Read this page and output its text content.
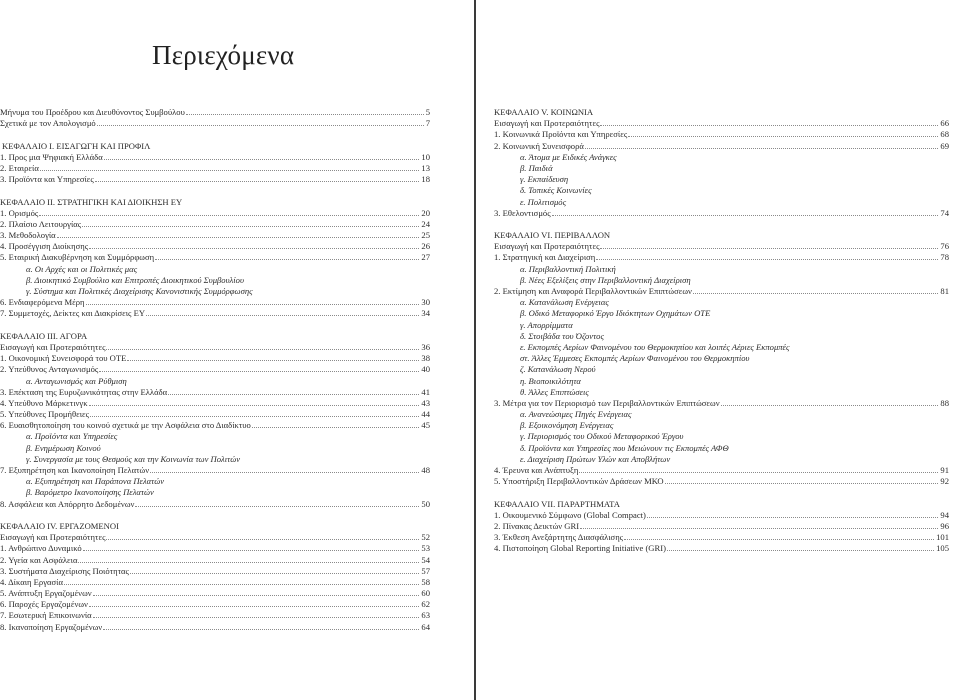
Περιεχόμενα
Μήνυμα του Προέδρου και Διευθύνοντος Συμβούλου	5
Σχετικά με τον Απολογισμό	7
ΚΕΦΑΛΑΙΟ Ι. ΕΙΣΑΓΩΓΗ ΚΑΙ ΠΡΟΦΙΛ
1. Προς μια Ψηφιακή Ελλάδα	10
2. Εταιρεία	13
3. Προϊόντα και Υπηρεσίες	18
ΚΕΦΑΛΑΙΟ ΙΙ. ΣΤΡΑΤΗΓΙΚΗ ΚΑΙ ΔΙΟΙΚΗΣΗ ΕΥ
1. Ορισμός	20
2. Πλαίσιο Λειτουργίας	24
3. Μεθοδολογία	25
4. Προσέγγιση Διοίκησης	26
5. Εταιρική Διακυβέρνηση και Συμμόρφωση	27
α. Οι Αρχές και οι Πολιτικές μας
β. Διοικητικό Συμβούλιο και Επιτροπές Διοικητικού Συμβουλίου
γ. Σύστημα και Πολιτικές Διαχείρισης Κανονιστικής Συμμόρφωσης
6. Ενδιαφερόμενα Μέρη	30
7. Συμμετοχές, Δείκτες και Διακρίσεις ΕΥ	34
ΚΕΦΑΛΑΙΟ ΙΙΙ. ΑΓΟΡΑ
Εισαγωγή και Προτεραιότητες	36
1. Οικονομική Συνεισφορά του ΟΤΕ	38
2. Υπεύθυνος Ανταγωνισμός	40
α. Ανταγωνισμός και Ρύθμιση
3. Επέκταση της Ευρυζωνικότητας στην Ελλάδα	41
4. Υπεύθυνο Μάρκετινγκ	43
5. Υπεύθυνες Προμήθειες	44
6. Ευαισθητοποίηση του κοινού σχετικά με την Ασφάλεια στο Διαδίκτυο	45
α. Προϊόντα και Υπηρεσίες
β. Ενημέρωση Κοινού
γ. Συνεργασία με τους Θεσμούς και την Κοινωνία των Πολιτών
7. Εξυπηρέτηση και Ικανοποίηση Πελατών	48
α. Εξυπηρέτηση και Παράπονα Πελατών
β. Βαρόμετρο Ικανοποίησης Πελατών
8. Ασφάλεια και Απόρρητο Δεδομένων	50
ΚΕΦΑΛΑΙΟ IV. ΕΡΓΑΖΟΜΕΝΟΙ
Εισαγωγή και Προτεραιότητες	52
1. Ανθρώπινο Δυναμικό	53
2. Υγεία και Ασφάλεια	54
3. Συστήματα Διαχείρισης Ποιότητας	57
4. Δίκαιη Εργασία	58
5. Ανάπτυξη Εργαζομένων	60
6. Παροχές Εργαζομένων	62
7. Εσωτερική Επικοινωνία	63
8. Ικανοποίηση Εργαζομένων	64
ΚΕΦΑΛΑΙΟ V. ΚΟΙΝΩΝΙΑ
Εισαγωγή και Προτεραιότητες	66
1. Κοινωνικά Προϊόντα και Υπηρεσίες	68
2. Κοινωνική Συνεισφορά	69
α. Άτομα με Ειδικές Ανάγκες
β. Παιδιά
γ. Εκπαίδευση
δ. Τοπικές Κοινωνίες
ε. Πολιτισμός
3. Εθελοντισμός	74
ΚΕΦΑΛΑΙΟ VI. ΠΕΡΙΒΑΛΛΟΝ
Εισαγωγή και Προτεραιότητες	76
1. Στρατηγική και Διαχείριση	78
α. Περιβαλλοντική Πολιτική
β. Νέες Εξελίξεις στην Περιβαλλοντική Διαχείριση
2. Εκτίμηση και Αναφορά Περιβαλλοντικών Επιπτώσεων	81
α. Κατανάλωση Ενέργειας
β. Οδικό Μεταφορικό Έργο Ιδιόκτητων Οχημάτων ΟΤΕ
γ. Απορρίμματα
δ. Στοιβάδα του Όζοντος
ε. Εκπομπές Αερίων Φαινομένου του Θερμοκηπίου και λοιπές Αέριες Εκπομπές
στ. Άλλες Έμμεσες Εκπομπές Αερίων Φαινομένου του Θερμοκηπίου
ζ. Κατανάλωση Νερού
η. Βιοποικιλότητα
θ. Άλλες Επιπτώσεις
3. Μέτρα για τον Περιορισμό των Περιβαλλοντικών Επιπτώσεων	88
α. Ανανεώσιμες Πηγές Ενέργειας
β. Εξοικονόμηση Ενέργειας
γ. Περιορισμός του Οδικού Μεταφορικού Έργου
δ. Προϊόντα και Υπηρεσίες που Μειώνουν τις Εκπομπές ΑΦΘ
ε. Διαχείριση Πρώτων Υλών και Αποβλήτων
4. Έρευνα και Ανάπτυξη	91
5. Υποστήριξη Περιβαλλοντικών Δράσεων ΜΚΟ	92
ΚΕΦΑΛΑΙΟ VII. ΠΑΡΑΡΤΗΜΑΤΑ
1. Οικουμενικό Σύμφωνο (Global Compact)	94
2. Πίνακας Δεικτών GRI	96
3. Έκθεση Ανεξάρτητης Διασφάλισης	101
4. Πιστοποίηση Global Reporting Initiative (GRI)	105
